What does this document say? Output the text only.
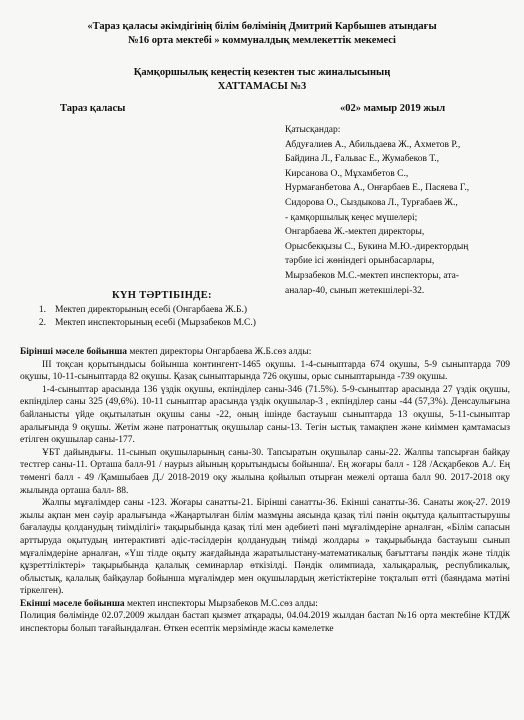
«Тараз қаласы әкімдігінің білім бөлімінің Дмитрий Карбышев атындағы
№16 орта мектебі » коммуналдық мемлекеттік мекемесі
Қамқоршылық кеңестің кезектен тыс жиналысының
ХАТТАМАСЫ №3
Тараз қаласы	«02» мамыр 2019 жыл
Қатысқандар:
Абдуғалиев А., Абильдаева Ж., Ахметов Р.,
Байдина Л., Ғальвас Е., Жумабеков Т.,
Кирсанова О., Мұхамбетов С.,
Нурмағанбетова А., Онғарбаев Е., Пасяева Г.,
Сидорова О., Сыздыкова Л., Турғабаев Ж.,
- қамқоршылық кеңес мүшелері;
Онгарбаева Ж.-мектеп директоры,
Орысбекқызы С., Букина М.Ю.-директордың
тәрбие ісі жөніндегі орынбасарлары,
Мырзабеков М.С.-мектеп инспекторы, ата-
аналар-40, сынып жетекшілері-32.
КҮН ТӘРТІБІНДЕ:
1. Мектеп директорының есебі (Онгарбаева Ж.Б.)
2. Мектеп инспекторының есебі (Мырзабеков М.С.)

Бірінші мәселе бойынша мектеп директоры Онгарбаева Ж.Б.сөз алды:

ІІІ тоқсан қорытындысы бойынша контингент-1465 оқушы. 1-4-сыныптарда 674 оқушы, 5-9 сыныптарда 709 оқушы, 10-11-сыныптарда 82 оқушы. Қазақ сыныптарында 726 оқушы, орыс сыныптарында -739 оқушы.

1-4-сыныптар арасында 136 үздік оқушы, екпінділер саны-346 (71.5%). 5-9-сыныптар арасында 27 үздік оқушы, екпінділер саны 325 (49,6%). 10-11 сыныптар арасында үздік оқушылар-3 , екпінділер саны -44 (57,3%). Денсаулығына байланысты үйде оқытылатын оқушы саны -22, оның ішінде бастауыш сыныптарда 13 оқушы, 5-11-сыныптар аралығында 9 оқушы. Жетім және патронаттық оқушылар саны-13. Тегін ыстық тамақпен және киіммен қамтамасыз етілген оқушылар саны-177.

ҰБТ дайындығы. 11-сынып оқушыларының саны-30. Тапсыратын оқушылар саны-22. Жалпы тапсырған байқау тестгер саны-11. Орташа балл-91 / наурыз айының қорытындысы бойынша/. Ең жоғары балл - 128 /Асқарбеков А./. Ең төменгі балл - 49 /Қамшыбаев Д./ 2018-2019 оқу жылына қойылып отырған межелі орташа балл 90. 2017-2018 оқу жылында орташа балл- 88.

Жалпы мұғалімдер саны -123. Жоғары санатты-21. Бірінші санатты-36. Екінші санатты-36. Санаты жоқ-27. 2019 жылы ақпан мен сәуір аралығында «Жаңартылған білім мазмұны аясында қазақ тілі пәнін оқытуда қалыптастырушы бағалауды қолданудың тиімділігі» тақырыбында қазақ тілі мен әдебиеті пәні мұғалімдеріне арналған, «Білім сапасын арттыруда оқытудың интерактивті әдіс-тәсілдерін қолданудың тиімді жолдары » тақырыбында бастауыш сынып мұғалімдеріне арналған, «Үш тілде оқыту жағдайында жаратылыстану-математикалық бағыттағы пәндік және тілдік құзреттіліктері» тақырыбында қалалық семинарлар өткізілді. Пәндік олимпиада, халықаралық, республикалық, облыстық, қалалық байқаулар бойынша мұғалімдер мен оқушылардың жетістіктеріне тоқталып өтті (баяндама мәтіні тіркелген).

Екінші мәселе бойынша мектеп инспекторы Мырзабеков М.С.сөз алды:

Полиция бөлімінде 02.07.2009 жылдан бастап қызмет атқарады, 04.04.2019 жылдан бастап №16 орта мектебіне КТДЖ инспекторы болып тағайындалған. Өткен есептік мерзімінде жасы кәмелетке
